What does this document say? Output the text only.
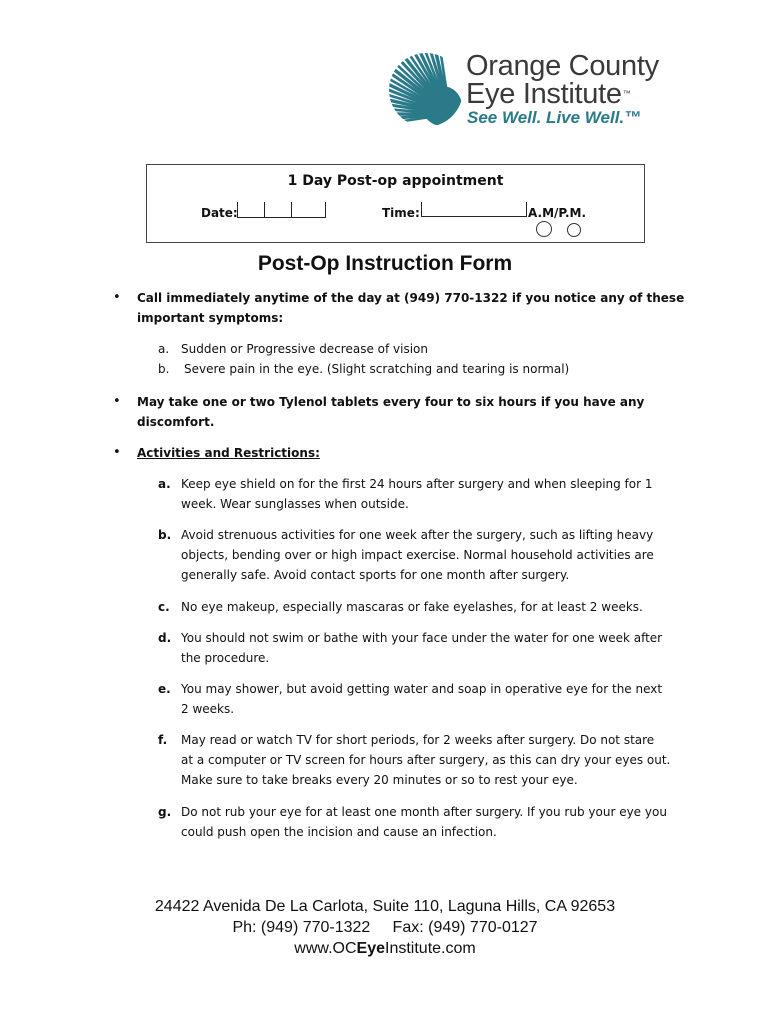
Orange County
Eye Institute™
See Well. Live Well.™
1 Day Post-op appointment
Date:	Time:	A.M/P.M.
Post-Op Instruction Form
• Call immediately anytime of the day at (949) 770-1322 if you notice any of these
important symptoms:
a. Sudden or Progressive decrease of vision
b. Severe pain in the eye. (Slight scratching and tearing is normal)
• May take one or two Tylenol tablets every four to six hours if you have any
discomfort.
• Activities and Restrictions:
a. Keep eye shield on for the first 24 hours after surgery and when sleeping for 1
week. Wear sunglasses when outside.
b. Avoid strenuous activities for one week after the surgery, such as lifting heavy
objects, bending over or high impact exercise. Normal household activities are
generally safe. Avoid contact sports for one month after surgery.
c. No eye makeup, especially mascaras or fake eyelashes, for at least 2 weeks.
d. You should not swim or bathe with your face under the water for one week after
the procedure.
e. You may shower, but avoid getting water and soap in operative eye for the next
2 weeks.
f. May read or watch TV for short periods, for 2 weeks after surgery. Do not stare
at a computer or TV screen for hours after surgery, as this can dry your eyes out.
Make sure to take breaks every 20 minutes or so to rest your eye.
g. Do not rub your eye for at least one month after surgery. If you rub your eye you
could push open the incision and cause an infection.
24422 Avenida De La Carlota, Suite 110, Laguna Hills, CA 92653
Ph: (949) 770-1322     Fax: (949) 770-0127
www.OCEyeInstitute.com
